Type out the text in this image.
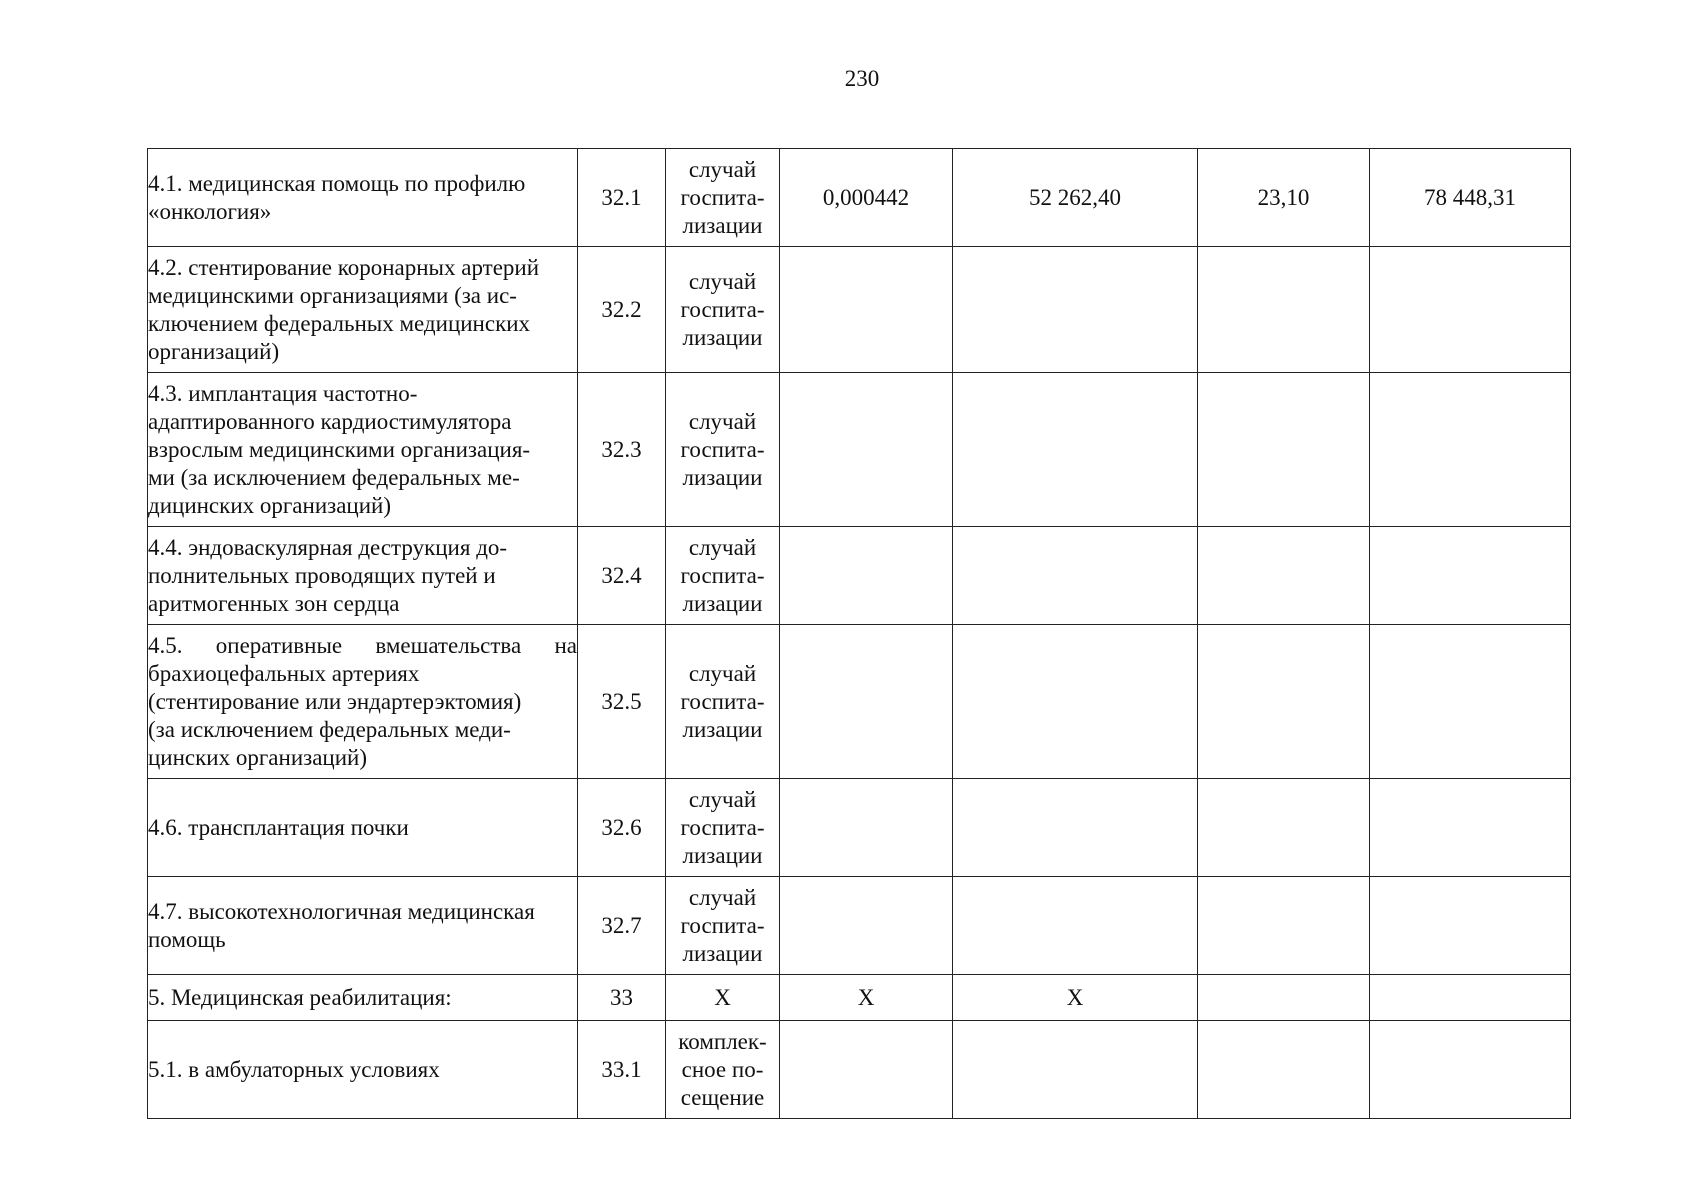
230
4.1. медицинская помощь по профилю
«онкология»	32.1	случай
госпита-
лизации	0,000442	52 262,40	23,10	78 448,31

4.2. стентирование коронарных артерий
медицинскими организациями (за ис-
ключением федеральных медицинских
организаций)	32.2	случай
госпита-
лизации				

4.3. имплантация частотно-
адаптированного кардиостимулятора
взрослым медицинскими организация-
ми (за исключением федеральных ме-
дицинских организаций)	32.3	случай
госпита-
лизации				

4.4. эндоваскулярная деструкция до-
полнительных проводящих путей и
аритмогенных зон сердца	32.4	случай
госпита-
лизации				

4.5. оперативные вмешательства на
брахиоцефальных артериях
(стентирование или эндартерэктомия)
(за исключением федеральных меди-
цинских организаций)	32.5	случай
госпита-
лизации				

4.6. трансплантация почки	32.6	случай
госпита-
лизации				

4.7. высокотехнологичная медицинская
помощь	32.7	случай
госпита-
лизации				

5. Медицинская реабилитация:	33	X	X	X		

5.1. в амбулаторных условиях	33.1	комплек-
сное по-
сещение				
